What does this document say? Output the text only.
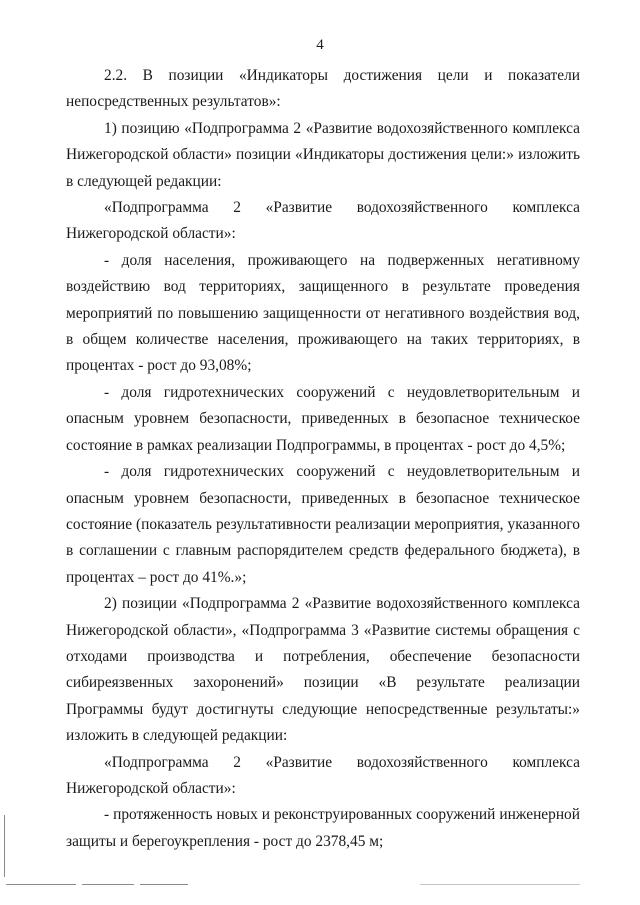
4

2.2. В позиции «Индикаторы достижения цели и показатели непосредственных результатов»:

1) позицию «Подпрограмма 2 «Развитие водохозяйственного комплекса Нижегородской области» позиции «Индикаторы достижения цели:» изложить в следующей редакции:

«Подпрограмма 2 «Развитие водохозяйственного комплекса Нижегородской области»:

- доля населения, проживающего на подверженных негативному воздействию вод территориях, защищенного в результате проведения мероприятий по повышению защищенности от негативного воздействия вод, в общем количестве населения, проживающего на таких территориях, в процентах - рост до 93,08%;

- доля гидротехнических сооружений с неудовлетворительным и опасным уровнем безопасности, приведенных в безопасное техническое состояние в рамках реализации Подпрограммы, в процентах - рост до 4,5%;

- доля гидротехнических сооружений с неудовлетворительным и опасным уровнем безопасности, приведенных в безопасное техническое состояние (показатель результативности реализации мероприятия, указанного в соглашении с главным распорядителем средств федерального бюджета), в процентах – рост до 41%.»;

2) позиции «Подпрограмма 2 «Развитие водохозяйственного комплекса Нижегородской области», «Подпрограмма 3 «Развитие системы обращения с отходами производства и потребления, обеспечение безопасности сибиреязвенных захоронений» позиции «В результате реализации Программы будут достигнуты следующие непосредственные результаты:» изложить в следующей редакции:

«Подпрограмма 2 «Развитие водохозяйственного комплекса Нижегородской области»:

- протяженность новых и реконструированных сооружений инженерной защиты и берегоукрепления - рост до 2378,45 м;
